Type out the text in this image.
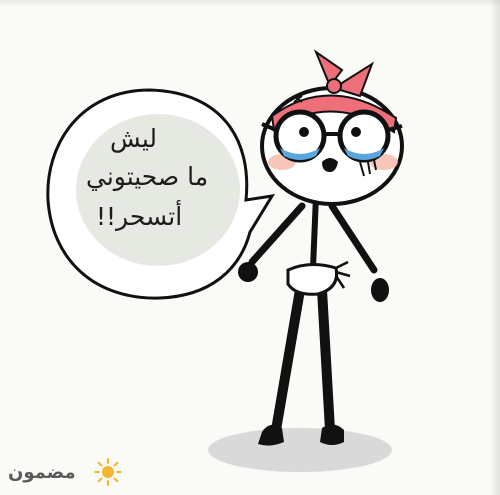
ليش
ما صحيتوني
أتسحر!!
مضمون
